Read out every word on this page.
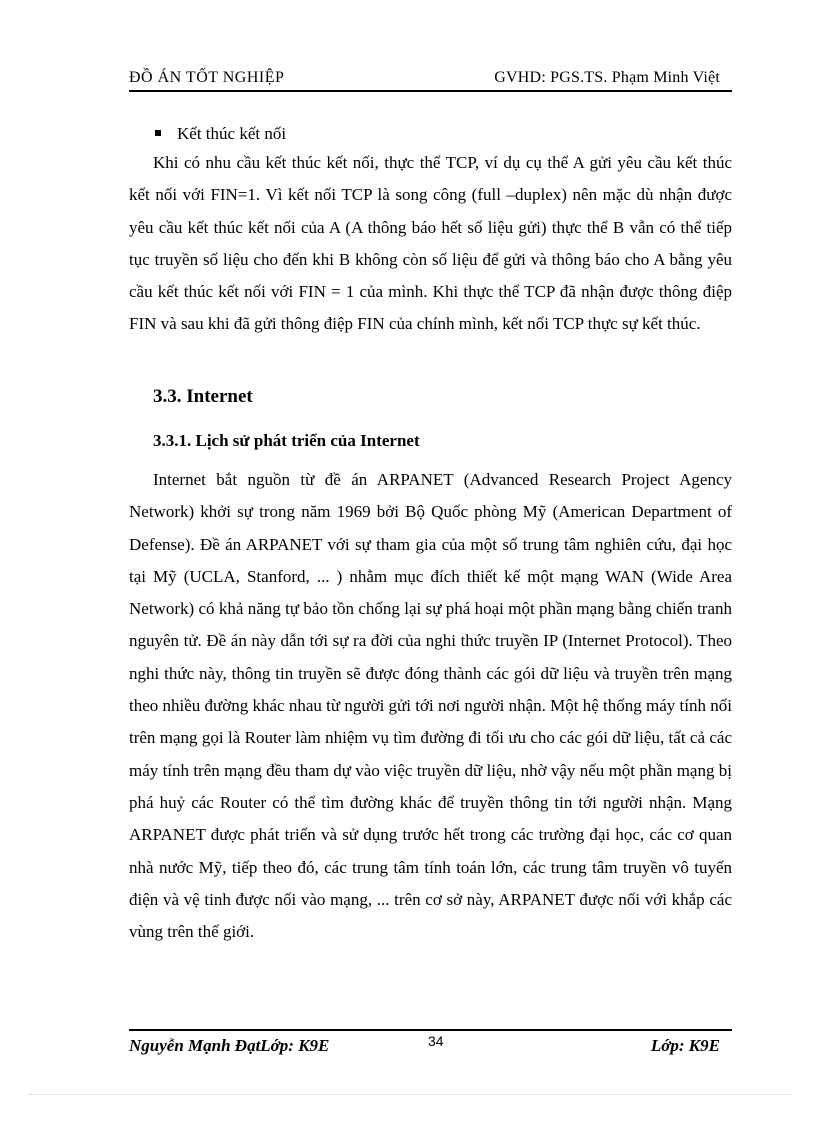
ĐỒ ÁN TỐT NGHIỆP	GVHD: PGS.TS. Phạm Minh Việt
Kết thúc kết nối

Khi có nhu cầu kết thúc kết nối, thực thể TCP, ví dụ cụ thể A gửi yêu cầu kết thúc kết nối với FIN=1. Vì kết nối TCP là song công (full –duplex) nên mặc dù nhận được yêu cầu kết thúc kết nối của A (A thông báo hết số liệu gửi) thực thể B vẫn có thể tiếp tục truyền số liệu cho đến khi B không còn số liệu để gửi và thông báo cho A bằng yêu cầu kết thúc kết nối với FIN = 1 của mình. Khi thực thể TCP đã nhận được thông điệp FIN và sau khi đã gửi thông điệp FIN của chính mình, kết nối TCP thực sự kết thúc.

3.3. Internet
3.3.1. Lịch sử phát triển của Internet

Internet bắt nguồn từ đề án ARPANET (Advanced Research Project Agency Network) khởi sự trong năm 1969 bởi Bộ Quốc phòng Mỹ (American Department of Defense). Đề án ARPANET với sự tham gia của một số trung tâm nghiên cứu, đại học tại Mỹ (UCLA, Stanford, ... ) nhằm mục đích thiết kế một mạng WAN (Wide Area Network) có khả năng tự bảo tồn chống lại sự phá hoại một phần mạng bằng chiến tranh nguyên tử. Đề án này dẫn tới sự ra đời của nghi thức truyền IP (Internet Protocol). Theo nghi thức này, thông tin truyền sẽ được đóng thành các gói dữ liệu và truyền trên mạng theo nhiều đường khác nhau từ người gửi tới nơi người nhận. Một hệ thống máy tính nối trên mạng gọi là Router làm nhiệm vụ tìm đường đi tối ưu cho các gói dữ liệu, tất cả các máy tính trên mạng đều tham dự vào việc truyền dữ liệu, nhờ vậy nếu một phần mạng bị phá huỷ các Router có thể tìm đường khác để truyền thông tin tới người nhận. Mạng ARPANET được phát triển và sử dụng trước hết trong các trường đại học, các cơ quan nhà nước Mỹ, tiếp theo đó, các trung tâm tính toán lớn, các trung tâm truyền vô tuyến điện và vệ tinh được nối vào mạng, ... trên cơ sở này, ARPANET được nối với khắp các vùng trên thế giới.

Nguyễn Mạnh ĐạtLớp: K9E	34	Lớp: K9E
